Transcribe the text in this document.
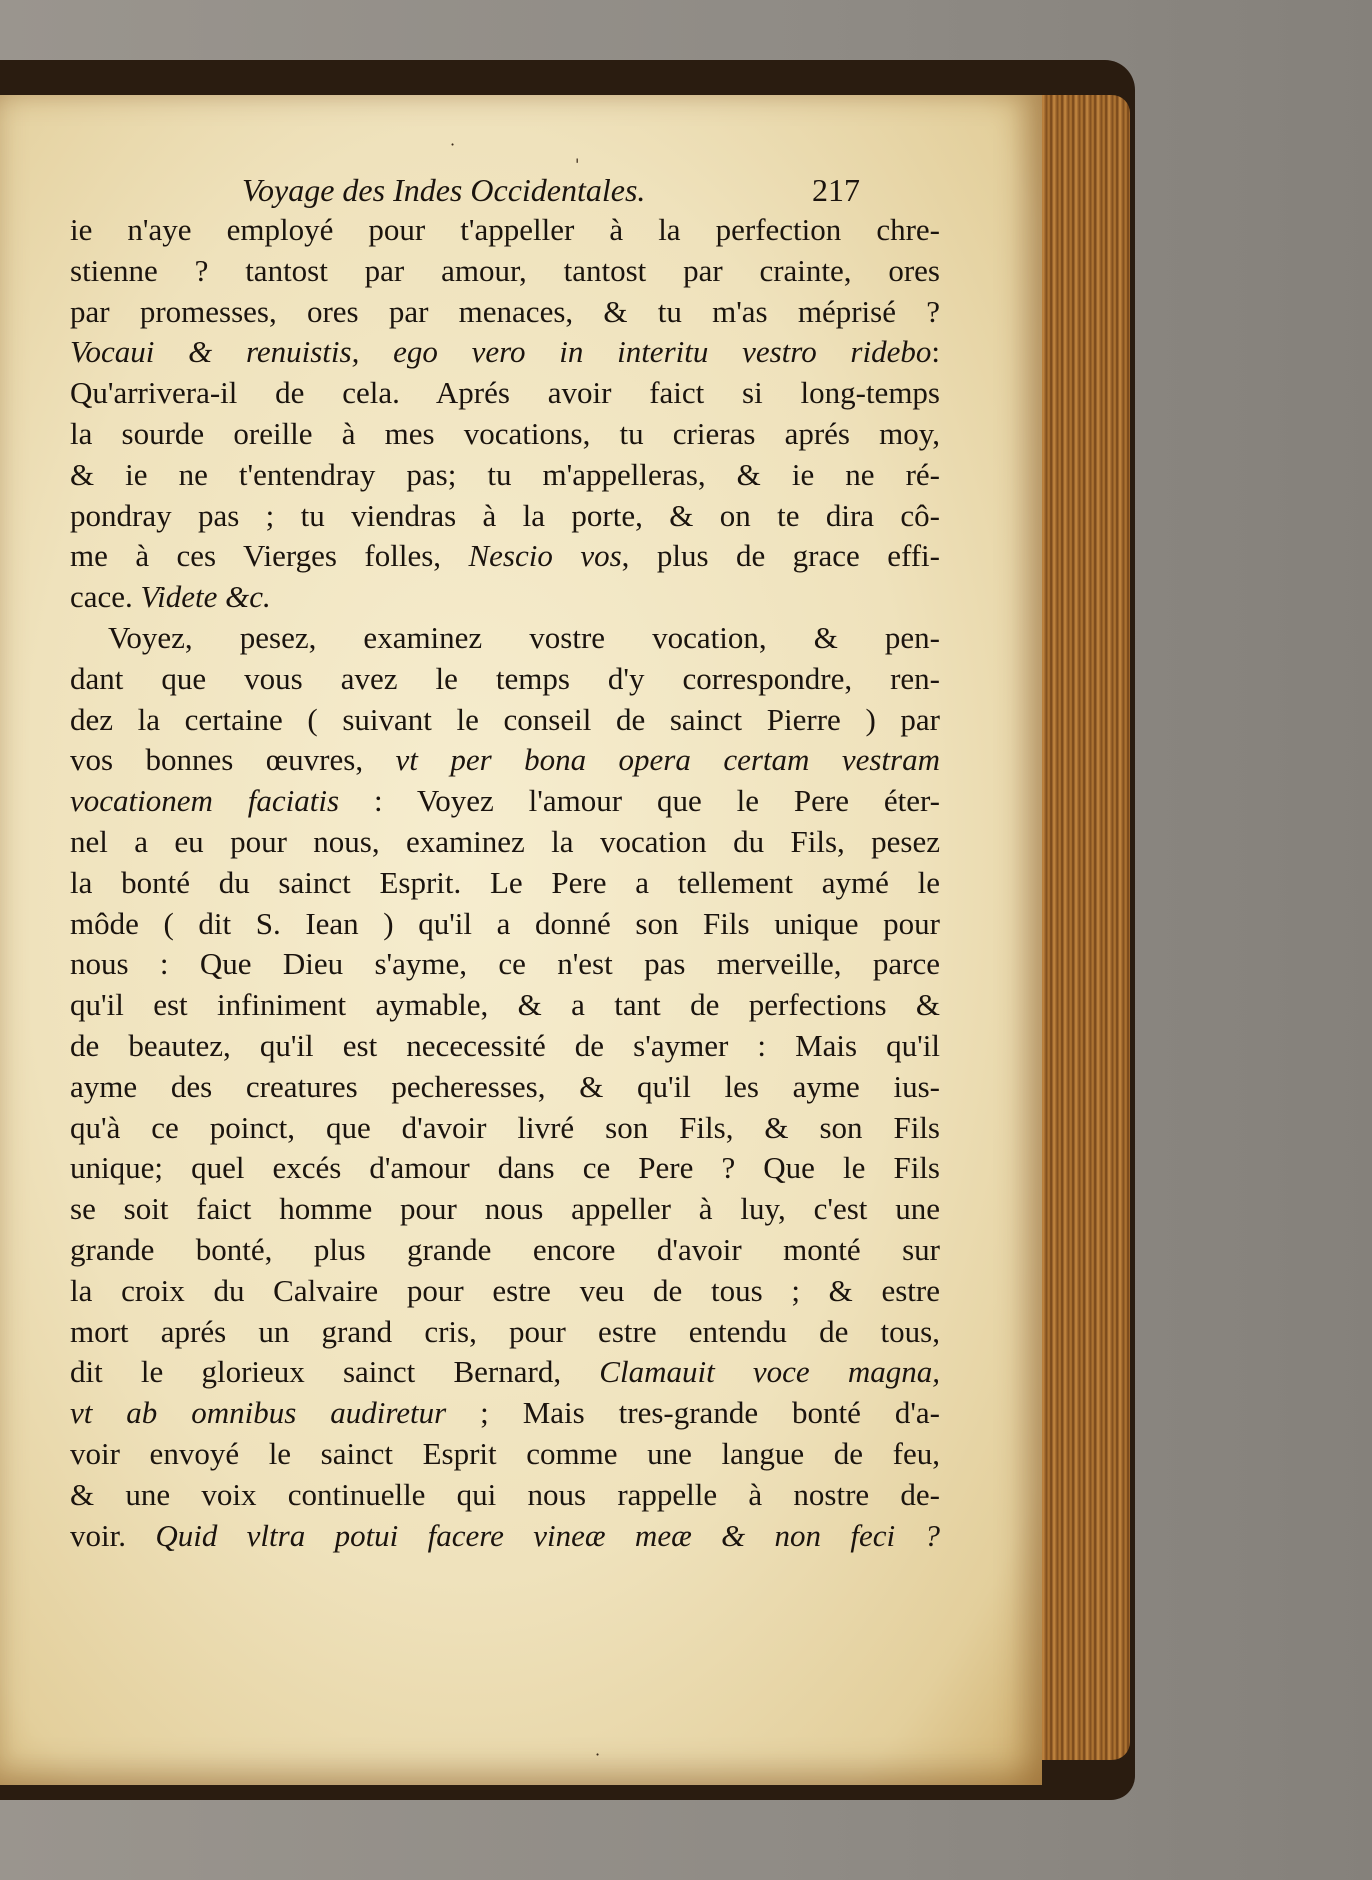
·
'
·
Voyage des Indes Occidentales.	217
ie n'aye employé pour t'appeller à la perfection chre-
stienne ? tantost par amour, tantost par crainte, ores
par promesses, ores par menaces, & tu m'as méprisé ?
Vocaui & renuistis, ego vero in interitu vestro ridebo:
Qu'arrivera-il de cela. Aprés avoir faict si long-temps
la sourde oreille à mes vocations, tu crieras aprés moy,
& ie ne t'entendray pas; tu m'appelleras, & ie ne ré-
pondray pas ; tu viendras à la porte, & on te dira cô-
me à ces Vierges folles, Nescio vos, plus de grace effi-
cace. Videte &c.
Voyez, pesez, examinez vostre vocation, & pen-
dant que vous avez le temps d'y correspondre, ren-
dez la certaine ( suivant le conseil de sainct Pierre ) par
vos bonnes œuvres, vt per bona opera certam vestram
vocationem faciatis : Voyez l'amour que le Pere éter-
nel a eu pour nous, examinez la vocation du Fils, pesez
la bonté du sainct Esprit. Le Pere a tellement aymé le
môde ( dit S. Iean ) qu'il a donné son Fils unique pour
nous : Que Dieu s'ayme, ce n'est pas merveille, parce
qu'il est infiniment aymable, & a tant de perfections &
de beautez, qu'il est nececessité de s'aymer : Mais qu'il
ayme des creatures pecheresses, & qu'il les ayme ius-
qu'à ce poinct, que d'avoir livré son Fils, & son Fils
unique; quel excés d'amour dans ce Pere ? Que le Fils
se soit faict homme pour nous appeller à luy, c'est une
grande bonté, plus grande encore d'avoir monté sur
la croix du Calvaire pour estre veu de tous ; & estre
mort aprés un grand cris, pour estre entendu de tous,
dit le glorieux sainct Bernard, Clamauit voce magna,
vt ab omnibus audiretur ; Mais tres-grande bonté d'a-
voir envoyé le sainct Esprit comme une langue de feu,
& une voix continuelle qui nous rappelle à nostre de-
voir. Quid vltra potui facere vineæ meæ & non feci ?
